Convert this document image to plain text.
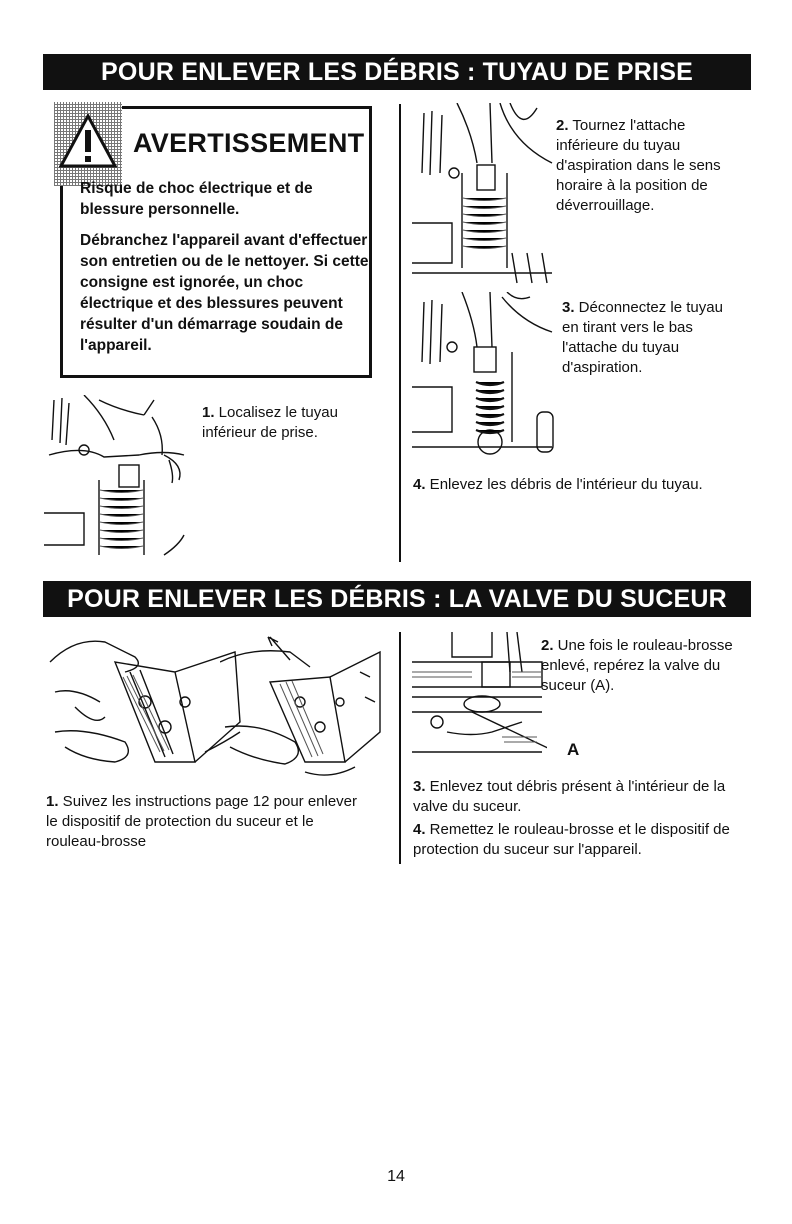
POUR ENLEVER LES DÉBRIS : TUYAU DE PRISE
AVERTISSEMENT
Risque de choc électrique et de blessure personnelle.
Débranchez l'appareil avant d'effectuer son entretien ou de le nettoyer. Si cette consigne est ignorée, un choc électrique et des blessures peuvent résulter d'un démarrage soudain de l'appareil.
1. Localisez le tuyau inférieur de prise.
2. Tournez l'attache inférieure du tuyau d'aspiration dans le sens horaire à la position de déverrouillage.
3. Déconnectez le tuyau en tirant vers le bas l'attache du tuyau d'aspiration.
4. Enlevez les débris de l'intérieur du tuyau.
POUR ENLEVER LES DÉBRIS : LA VALVE DU SUCEUR
1. Suivez les instructions page 12 pour enlever le dispositif de protection du suceur et le rouleau-brosse
A
2. Une fois le rouleau-brosse enlevé, repérez la valve du suceur (A).
3. Enlevez tout débris présent à l'intérieur de la valve du suceur.
4. Remettez le rouleau-brosse et le dispositif de protection du suceur sur l'appareil.
14
